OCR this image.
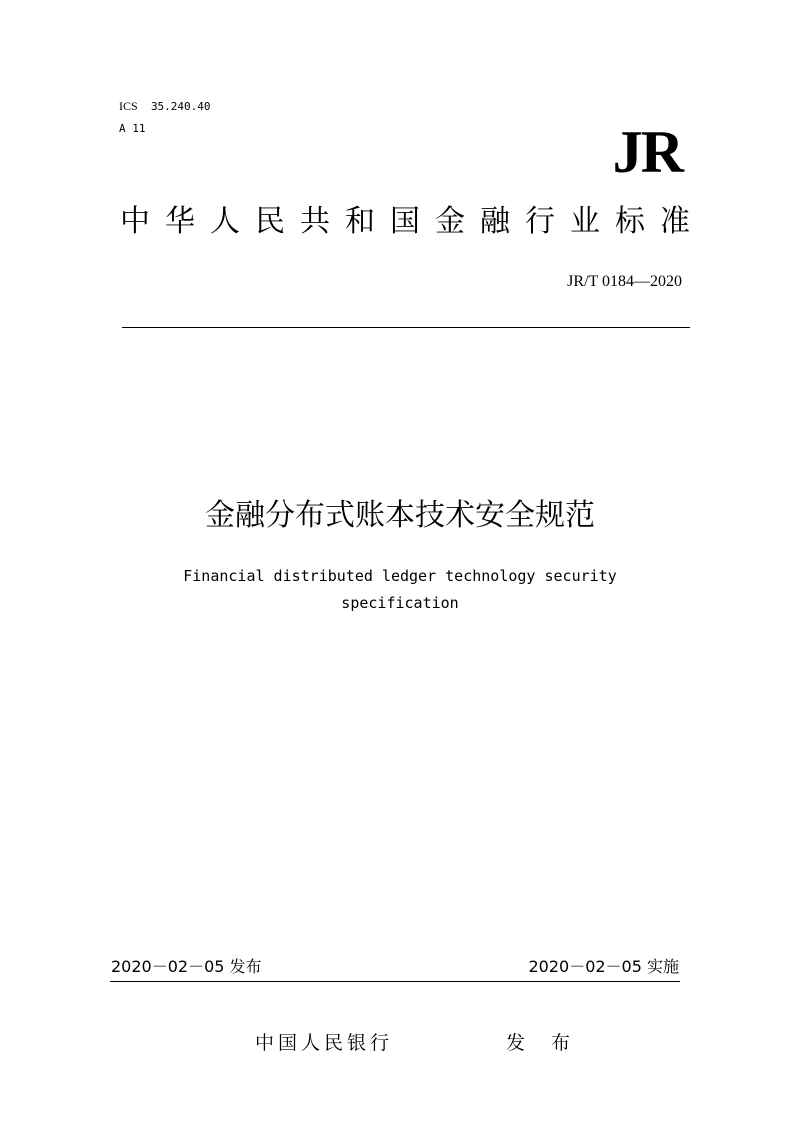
ICS 35.240.40
A 11	JR
中华人民共和国金融行业标准
JR/T 0184—2020
金融分布式账本技术安全规范
Financial distributed ledger technology security
specification
2020－02－05 发布	2020－02－05 实施
中国人民银行	发 布
